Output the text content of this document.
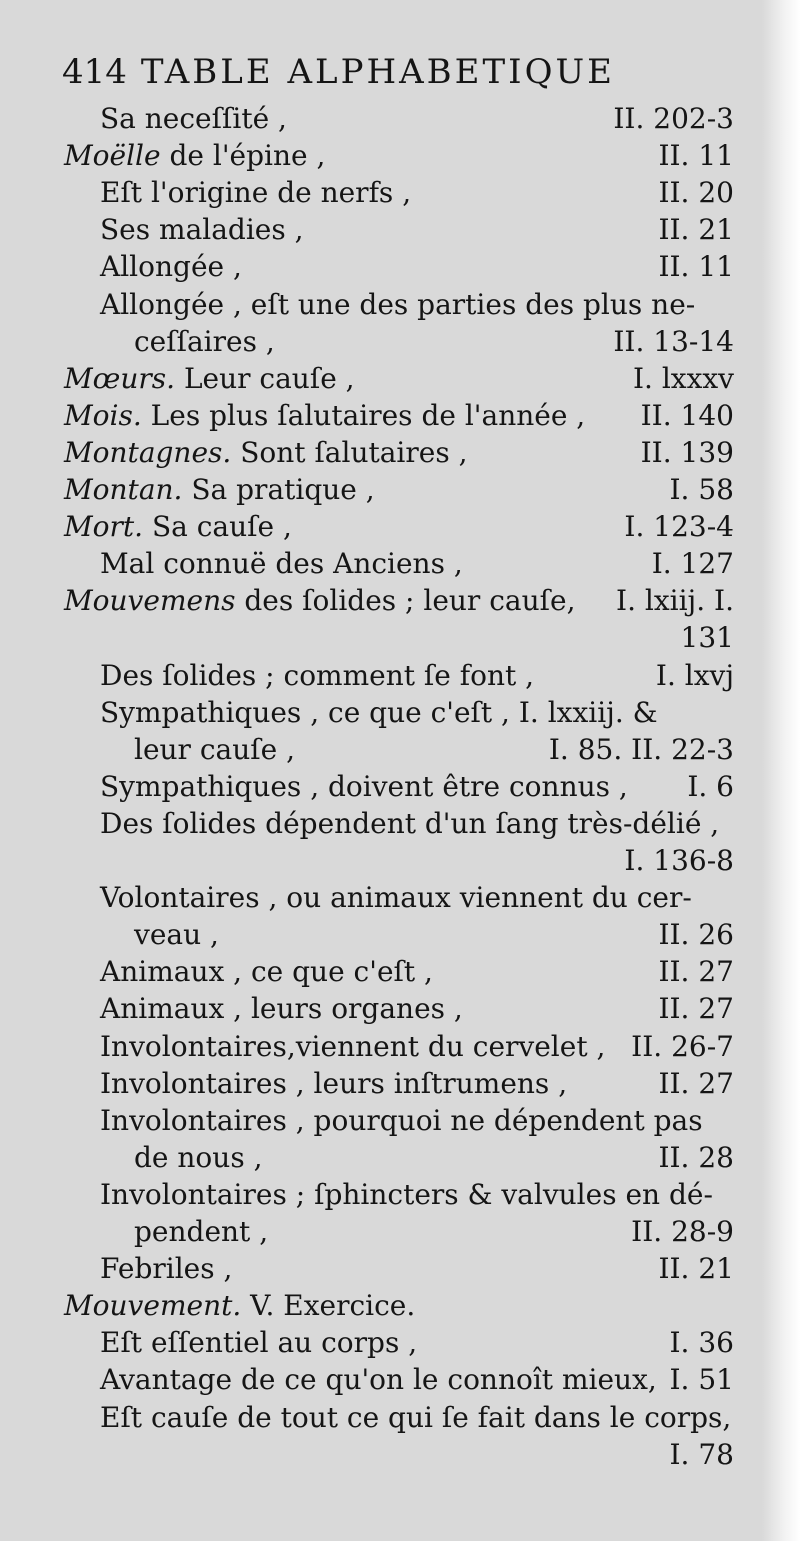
414 TABLE ALPHABETIQUE
Sa neceſſité ,	II. 202-3
Moëlle de l'épine ,	II. 11
Eſt l'origine de nerfs ,	II. 20
Ses maladies ,	II. 21
Allongée ,	II. 11
Allongée , eſt une des parties des plus ne-
ceſſaires ,	II. 13-14
Mœurs. Leur cauſe ,	I. lxxxv
Mois. Les plus ſalutaires de l'année , II. 140
Montagnes. Sont ſalutaires ,	II. 139
Montan. Sa pratique ,	I. 58
Mort. Sa cauſe ,	I. 123-4
Mal connuë des Anciens ,	I. 127
Mouvemens des ſolides ; leur cauſe, I. lxiij. I.
131
Des ſolides ; comment ſe font ,	I. lxvj
Sympathiques , ce que c'eſt , I. lxxiij. &
leur cauſe ,	I. 85. II. 22-3
Sympathiques , doivent être connus , I. 6
Des ſolides dépendent d'un ſang très-délié ,
I. 136-8
Volontaires , ou animaux viennent du cer-
veau ,	II. 26
Animaux , ce que c'eſt ,	II. 27
Animaux , leurs organes ,	II. 27
Involontaires,viennent du cervelet , II. 26-7
Involontaires , leurs inſtrumens ,	II. 27
Involontaires , pourquoi ne dépendent pas
de nous ,	II. 28
Involontaires ; ſphincters & valvules en dé-
pendent ,	II. 28-9
Febriles ,	II. 21
Mouvement. V. Exercice.
Eſt eſſentiel au corps ,	I. 36
Avantage de ce qu'on le connoît mieux, I. 51
Eſt cauſe de tout ce qui ſe fait dans le corps,
I. 78
